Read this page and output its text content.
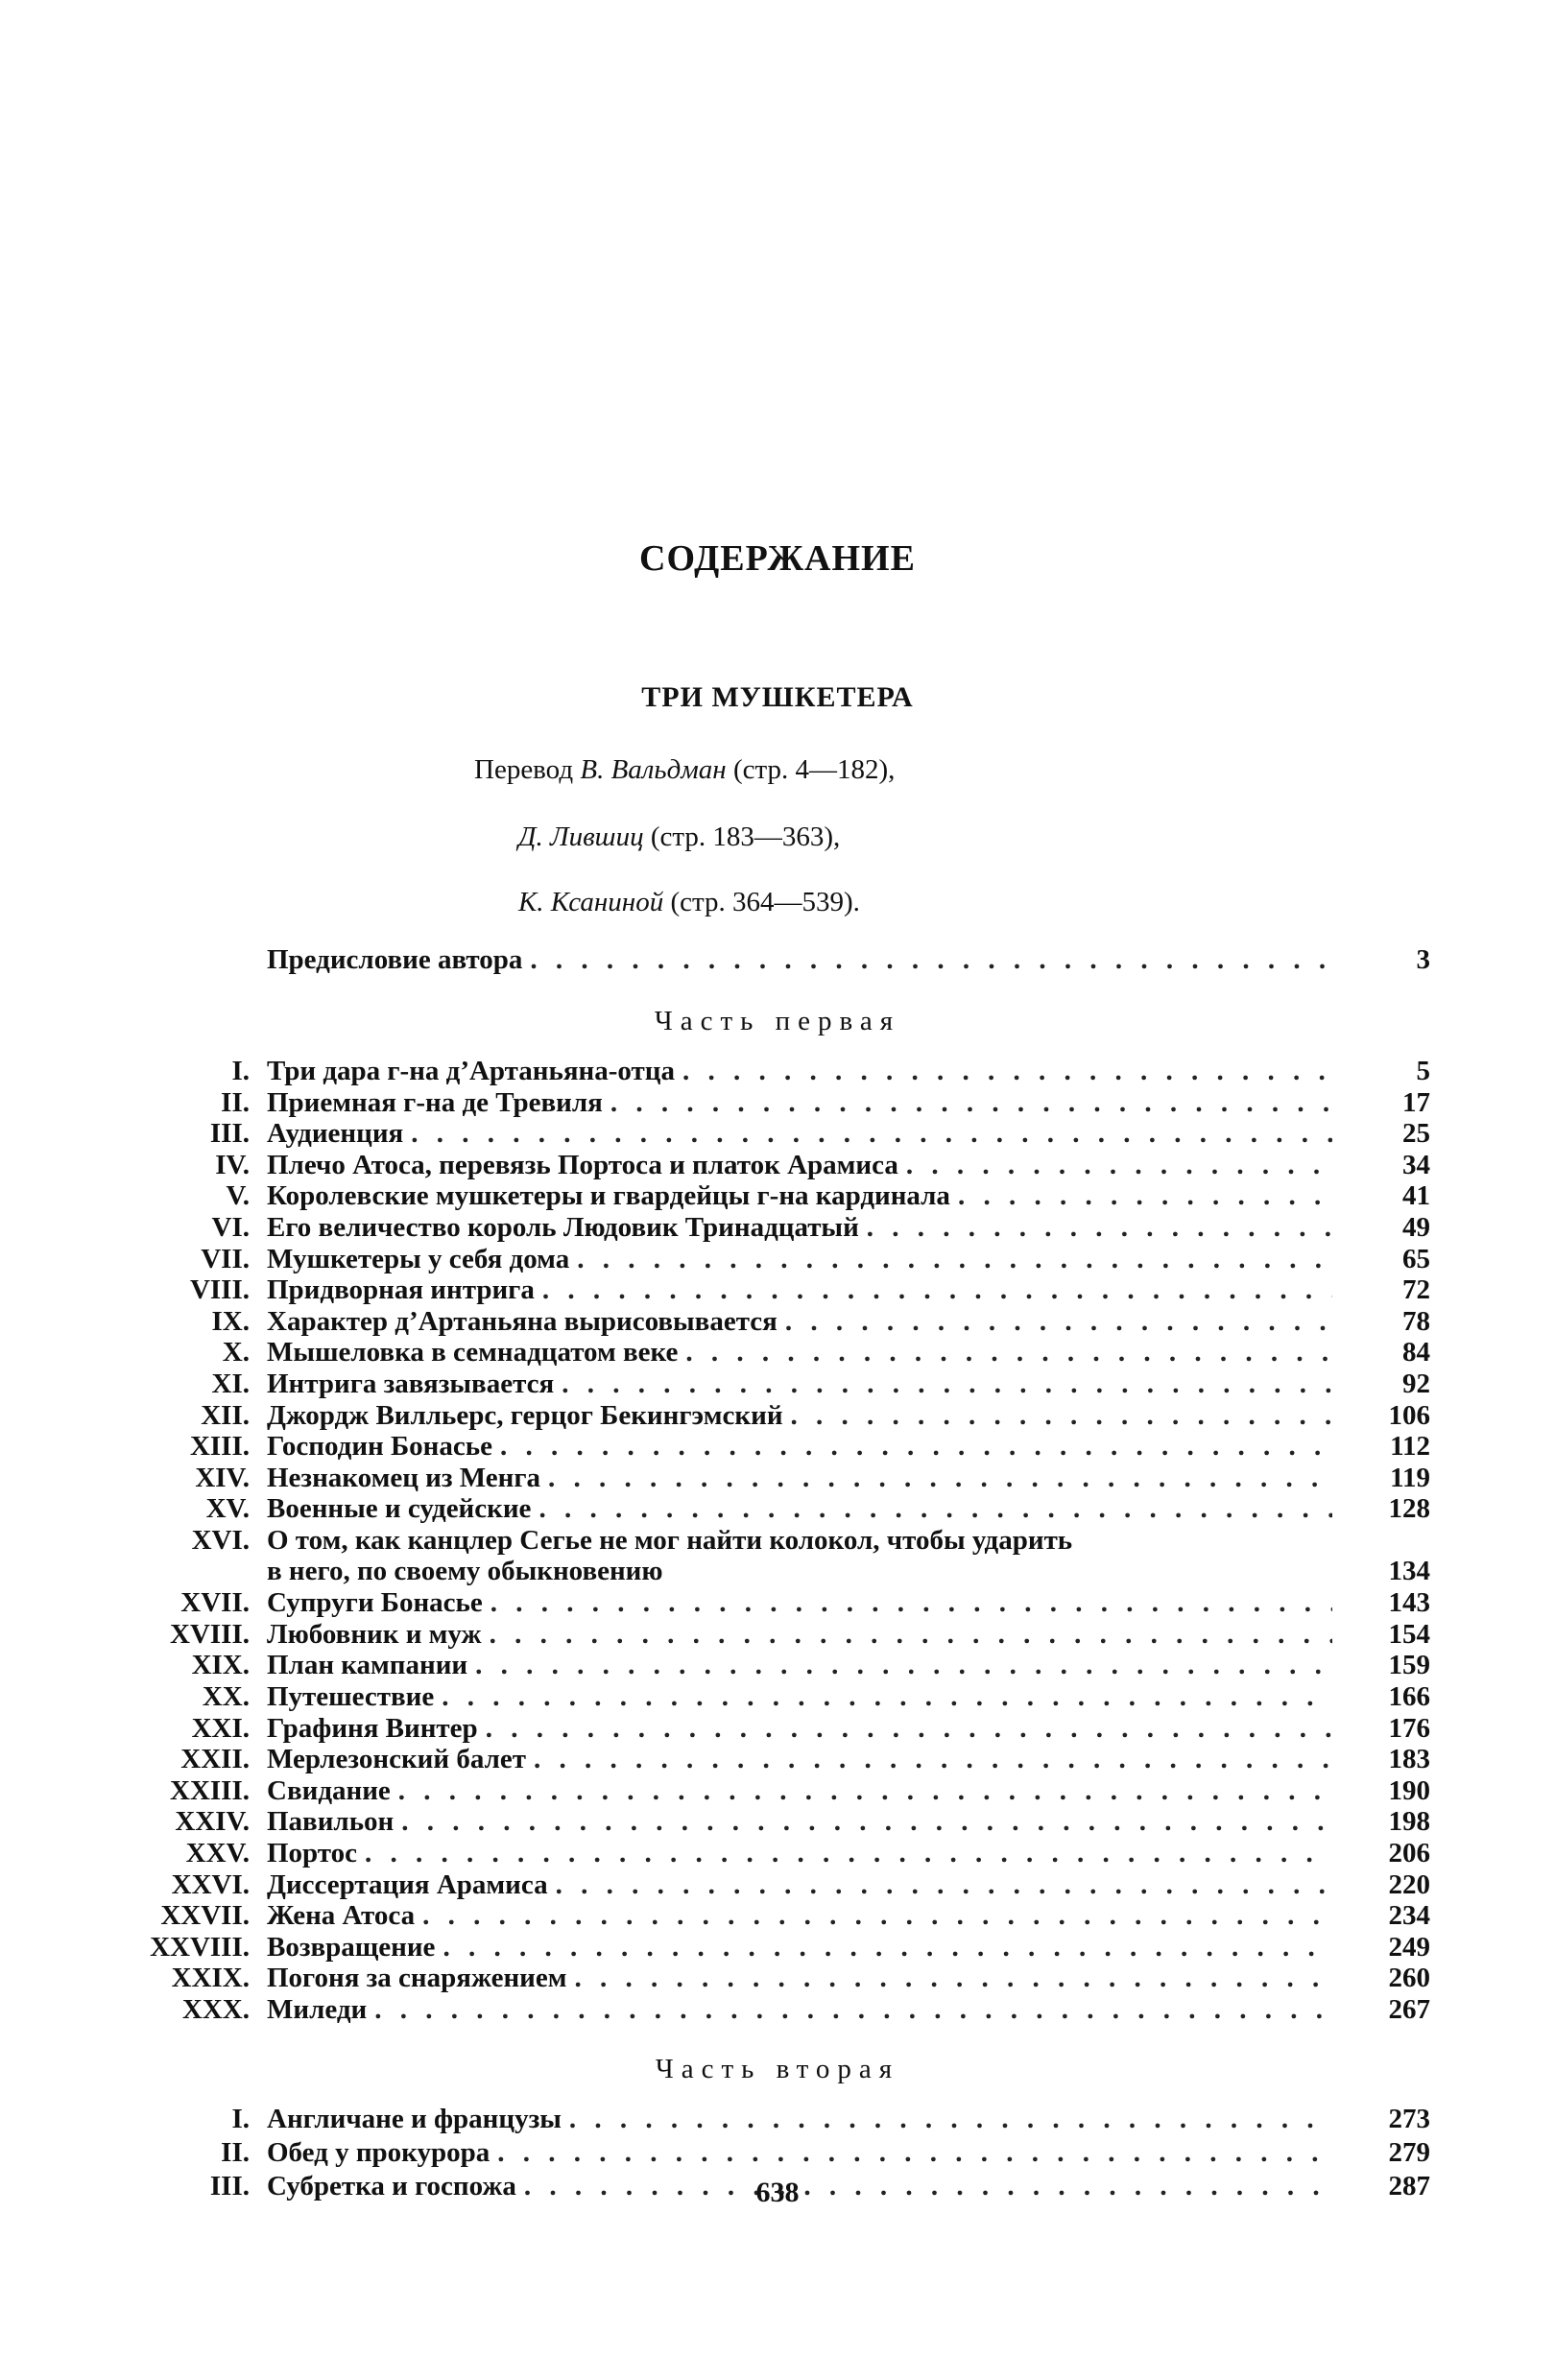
СОДЕРЖАНИЕ
ТРИ МУШКЕТЕРА
Перевод В. Вальдман (стр. 4—182),
Д. Лившиц (стр. 183—363),
К. Ксаниной (стр. 364—539).
Предисловие автора . . .	3
Часть первая
I. Три дара г-на д’Артаньяна-отца . . .	5
II. Приемная г-на де Тревиля . . .	17
III. Аудиенция . . .	25
IV. Плечо Атоса, перевязь Портоса и платок Арамиса . . .	34
V. Королевские мушкетеры и гвардейцы г-на кардинала . . .	41
VI. Его величество король Людовик Тринадцатый . . .	49
VII. Мушкетеры у себя дома . . .	65
VIII. Придворная интрига . . .	72
IX. Характер д’Артаньяна вырисовывается . . .	78
X. Мышеловка в семнадцатом веке . . .	84
XI. Интрига завязывается . . .	92
XII. Джордж Вилльерс, герцог Бекингэмский . . .	106
XIII. Господин Бонасье . . .	112
XIV. Незнакомец из Менга . . .	119
XV. Военные и судейские . . .	128
XVI. О том, как канцлер Сегье не мог найти колокол, чтобы ударить
в него, по своему обыкновению	134
XVII. Супруги Бонасье . . .	143
XVIII. Любовник и муж . . .	154
XIX. План кампании . . .	159
XX. Путешествие . . .	166
XXI. Графиня Винтер . . .	176
XXII. Мерлезонский балет . . .	183
XXIII. Свидание . . .	190
XXIV. Павильон . . .	198
XXV. Портос . . .	206
XXVI. Диссертация Арамиса . . .	220
XXVII. Жена Атоса . . .	234
XXVIII. Возвращение . . .	249
XXIX. Погоня за снаряжением . . .	260
XXX. Миледи . . .	267
Часть вторая
I. Англичане и французы . . .	273
II. Обед у прокурора . . .	279
III. Субретка и госпожа . . .	287
638
